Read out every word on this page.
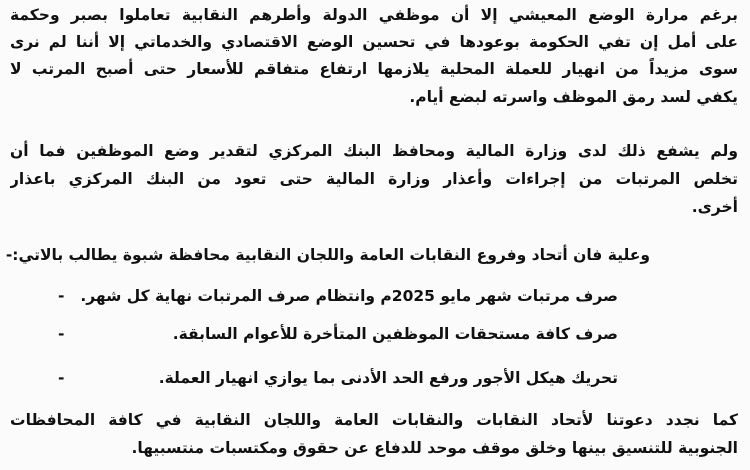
برغم مرارة الوضع المعيشي إلا أن موظفي الدولة وأطرهم النقابية تعاملوا بصبر وحكمة
على أمل إن تفي الحكومة بوعودها في تحسين الوضع الاقتصادي والخدماتي إلا أننا لم نرى
سوى مزيداً من انهيار للعملة المحلية يلازمها ارتفاع متفاقم للأسعار حتى أصبح المرتب لا
يكفي لسد رمق الموظف واسرته لبضع أيام.
ولم يشفع ذلك لدى وزارة المالية ومحافظ البنك المركزي لتقدير وضع الموظفين فما أن
تخلص المرتبات من إجراءات وأعذار وزارة المالية حتى تعود من البنك المركزي باعذار
أخرى.
وعلية فان أتحاد وفروع النقابات العامة واللجان النقابية محافظة شبوة يطالب بالاتي:-
صرف مرتبات شهر مايو 2025م وانتظام صرف المرتبات نهاية كل شهر.
-
صرف كافة مستحقات الموظفين المتأخرة للأعوام السابقة.
-
تحريك هيكل الأجور ورفع الحد الأدنى بما يوازي انهيار العملة.
-
كما نجدد دعوتنا لأتحاد النقابات والنقابات العامة واللجان النقابية في كافة المحافظات
الجنوبية للتنسيق بينها وخلق موقف موحد للدفاع عن حقوق ومكتسبات منتسبيها.
